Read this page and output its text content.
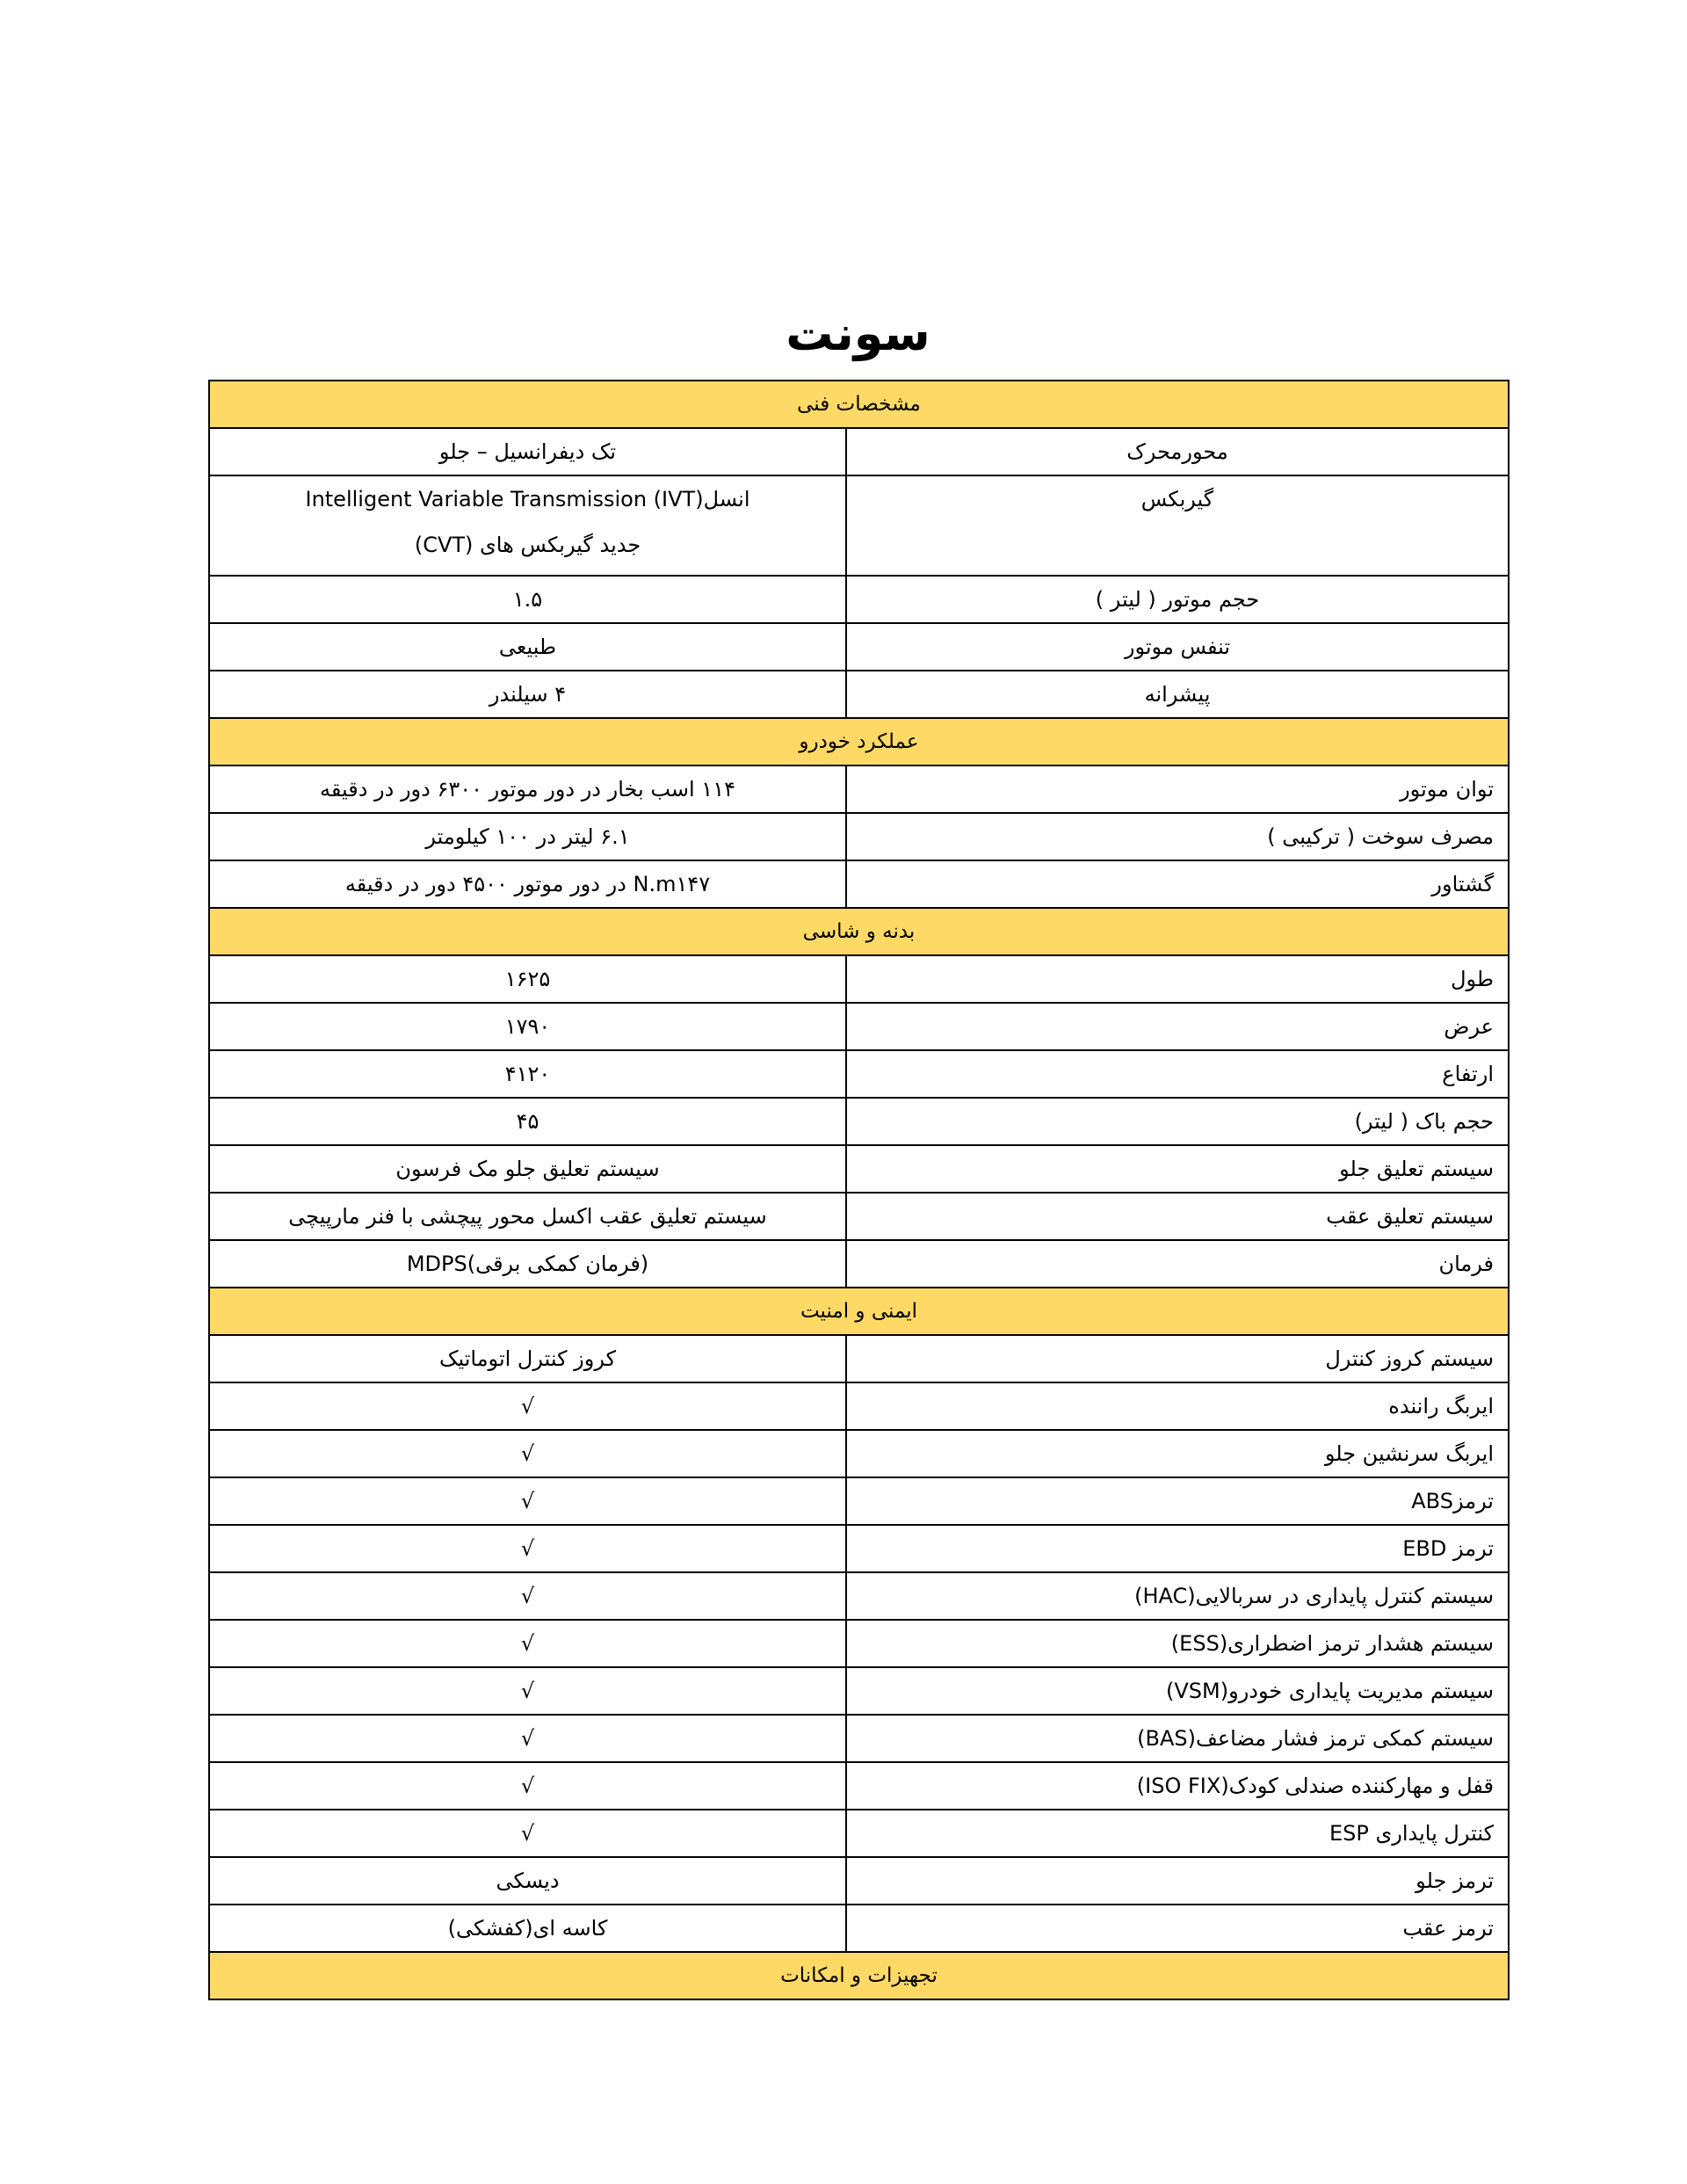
سونت
مشخصات فنی	
محورمحرک	تک دیفرانسیل – جلو
گیربکس	Intelligent Variable Transmission (IVT)انسل
جدید گیربکس های (CVT)

حجم موتور ( لیتر )	۱.۵
تنفس موتور	طبیعی
پیشرانه	۴ سیلندر
عملکرد خودرو	
توان موتور	۱۱۴ اسب بخار در دور موتور ۶۳۰۰ دور در دقیقه
مصرف سوخت ( ترکیبی )	۶.۱ لیتر در ۱۰۰ کیلومتر
گشتاور	N.m۱۴۷ در دور موتور ۴۵۰۰ دور در دقیقه
بدنه و شاسی	
طول	۱۶۲۵
عرض	۱۷۹۰
ارتفاع	۴۱۲۰
حجم باک ( لیتر)	۴۵
سیستم تعلیق جلو	سیستم تعلیق جلو مک فرسون
سیستم تعلیق عقب	سیستم تعلیق عقب اکسل محور پیچشی با فنر مارپیچی
فرمان	(فرمان کمکی برقی)MDPS
ایمنی و امنیت	
سیستم کروز کنترل	کروز کنترل اتوماتیک
ایربگ راننده	√
ایربگ سرنشین جلو	√
ترمزABS	√
ترمز EBD	√
سیستم کنترل پایداری در سربالایی(HAC)	√
سیستم هشدار ترمز اضطراری(ESS)	√
سیستم مدیریت پایداری خودرو(VSM)	√
سیستم کمکی ترمز فشار مضاعف(BAS)	√
قفل و مهارکننده صندلی کودک(ISO FIX)	√
کنترل پایداری ESP	√
ترمز جلو	دیسکی
ترمز عقب	کاسه ای(کفشکی)
تجهیزات و امکانات	
